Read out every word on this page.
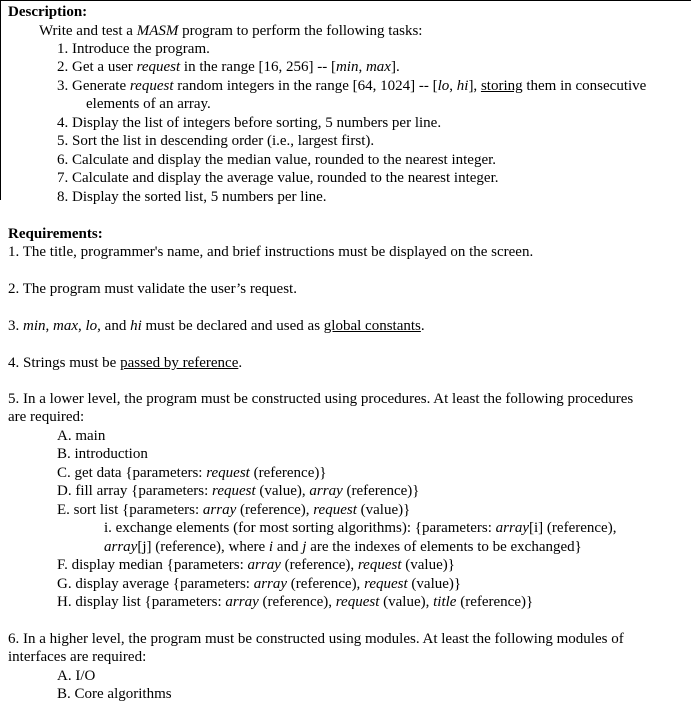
Description:
Write and test a MASM program to perform the following tasks:
1. Introduce the program.
2. Get a user request in the range [16, 256] -- [min, max].
3. Generate request random integers in the range [64, 1024] -- [lo, hi], storing them in consecutive
elements of an array.
4. Display the list of integers before sorting, 5 numbers per line.
5. Sort the list in descending order (i.e., largest first).
6. Calculate and display the median value, rounded to the nearest integer.
7. Calculate and display the average value, rounded to the nearest integer.
8. Display the sorted list, 5 numbers per line.
Requirements:
1. The title, programmer's name, and brief instructions must be displayed on the screen.
2. The program must validate the user’s request.
3. min, max, lo, and hi must be declared and used as global constants.
4. Strings must be passed by reference.
5. In a lower level, the program must be constructed using procedures. At least the following procedures
are required:
A. main
B. introduction
C. get data {parameters: request (reference)}
D. fill array {parameters: request (value), array (reference)}
E. sort list {parameters: array (reference), request (value)}
i. exchange elements (for most sorting algorithms): {parameters: array[i] (reference),
array[j] (reference), where i and j are the indexes of elements to be exchanged}
F. display median {parameters: array (reference), request (value)}
G. display average {parameters: array (reference), request (value)}
H. display list {parameters: array (reference), request (value), title (reference)}
6. In a higher level, the program must be constructed using modules. At least the following modules of
interfaces are required:
A. I/O
B. Core algorithms
